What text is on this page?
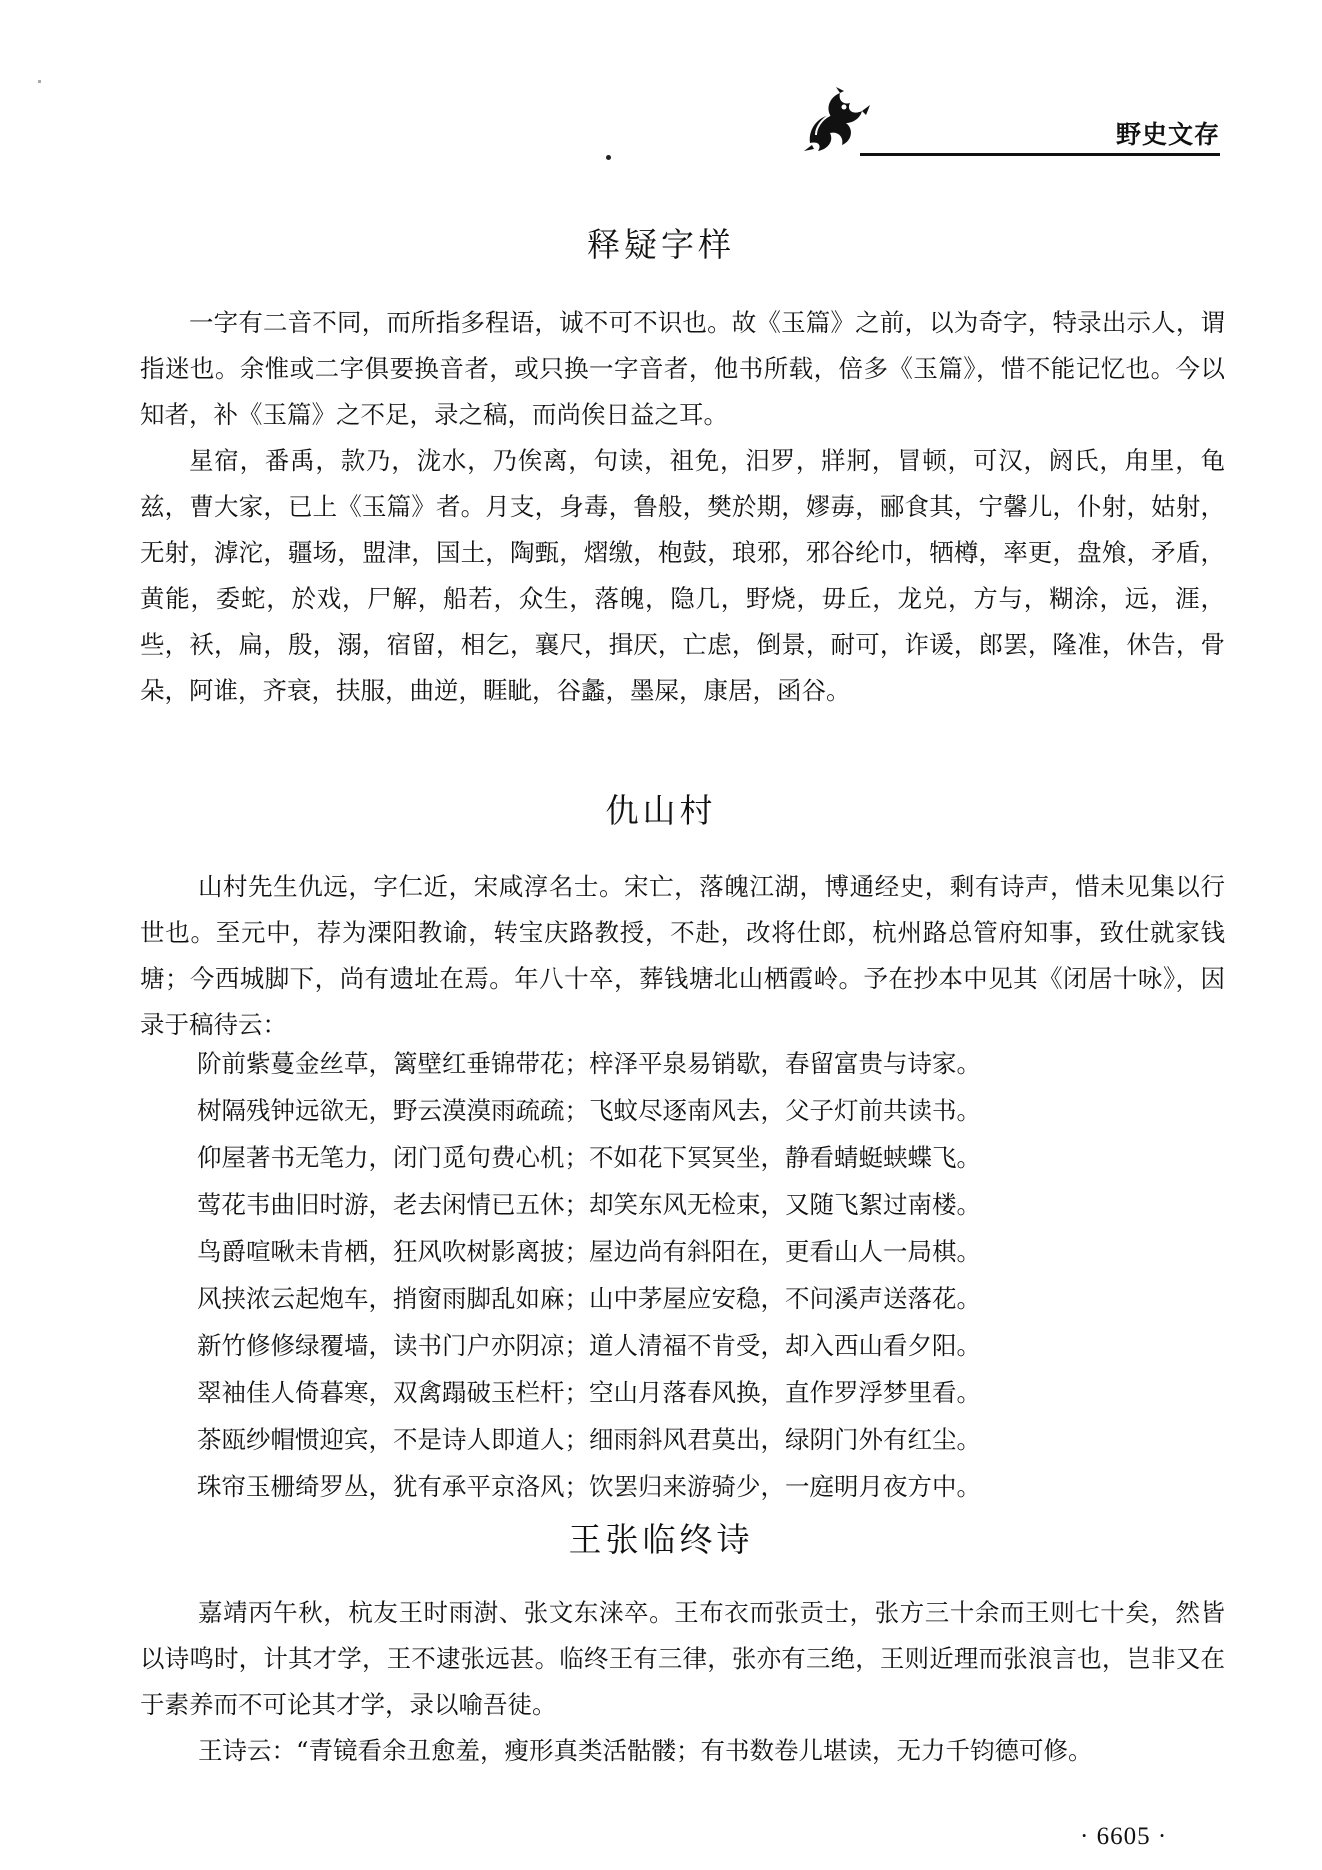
野史文存
释疑字样
一字有二音不同，而所指多程语，诚不可不识也。故《玉篇》之前，以为奇字，特录出示人，谓指迷也。余惟或二字俱要换音者，或只换一字音者，他书所载，倍多《玉篇》，惜不能记忆也。今以知者，补《玉篇》之不足，录之稿，而尚俟日益之耳。
星宿，番禹，款乃，泷水，乃俟离，句读，祖免，汨罗，牂牁，冒顿，可汉，阏氏，甪里，龟兹，曹大家，已上《玉篇》者。月支，身毒，鲁般，樊於期，嫪毐，郦食其，宁馨儿，仆射，姑射，无射，滹沱，疆场，盟津，国土，陶甄，熠缴，枹鼓，琅邪，邪谷纶巾，牺樽，率更，盘飧，矛盾，黄能，委蛇，於戏，尸解，船若，众生，落魄，隐几，野烧，毋丘，龙兑，方与，糊涂，远，涯，些，袄，扁，殷，溺，宿留，相乞，襄尺，揖厌，亡虑，倒景，耐可，诈谖，郎罢，隆准，休告，骨朵，阿谁，齐衰，扶服，曲逆，睚眦，谷蠡，墨屎，康居，函谷。
仇山村
山村先生仇远，字仁近，宋咸淳名士。宋亡，落魄江湖，博通经史，剩有诗声，惜未见集以行世也。至元中，荐为溧阳教谕，转宝庆路教授，不赴，改将仕郎，杭州路总管府知事，致仕就家钱塘；今西城脚下，尚有遗址在焉。年八十卒，葬钱塘北山栖霞岭。予在抄本中见其《闭居十咏》，因录于稿待云：
阶前紫蔓金丝草，篱壁红垂锦带花；梓泽平泉易销歇，春留富贵与诗家。
树隔残钟远欲无，野云漠漠雨疏疏；飞蚊尽逐南风去，父子灯前共读书。
仰屋著书无笔力，闭门觅句费心机；不如花下冥冥坐，静看蜻蜓蛱蝶飞。
莺花韦曲旧时游，老去闲情已五休；却笑东风无检束，又随飞絮过南楼。
鸟爵喧啾未肯栖，狂风吹树影离披；屋边尚有斜阳在，更看山人一局棋。
风挟浓云起炮车，捎窗雨脚乱如麻；山中茅屋应安稳，不问溪声送落花。
新竹修修绿覆墙，读书门户亦阴凉；道人清福不肯受，却入西山看夕阳。
翠袖佳人倚暮寒，双禽蹋破玉栏杆；空山月落春风换，直作罗浮梦里看。
茶瓯纱帽惯迎宾，不是诗人即道人；细雨斜风君莫出，绿阴门外有红尘。
珠帘玉栅绮罗丛，犹有承平京洛风；饮罢归来游骑少，一庭明月夜方中。
王张临终诗
嘉靖丙午秋，杭友王时雨澍、张文东涞卒。王布衣而张贡士，张方三十余而王则七十矣，然皆以诗鸣时，计其才学，王不逮张远甚。临终王有三律，张亦有三绝，王则近理而张浪言也，岂非又在于素养而不可论其才学，录以喻吾徒。
王诗云：“青镜看余丑愈羞，瘦形真类活骷髅；有书数卷儿堪读，无力千钧德可修。
· 6605 ·
